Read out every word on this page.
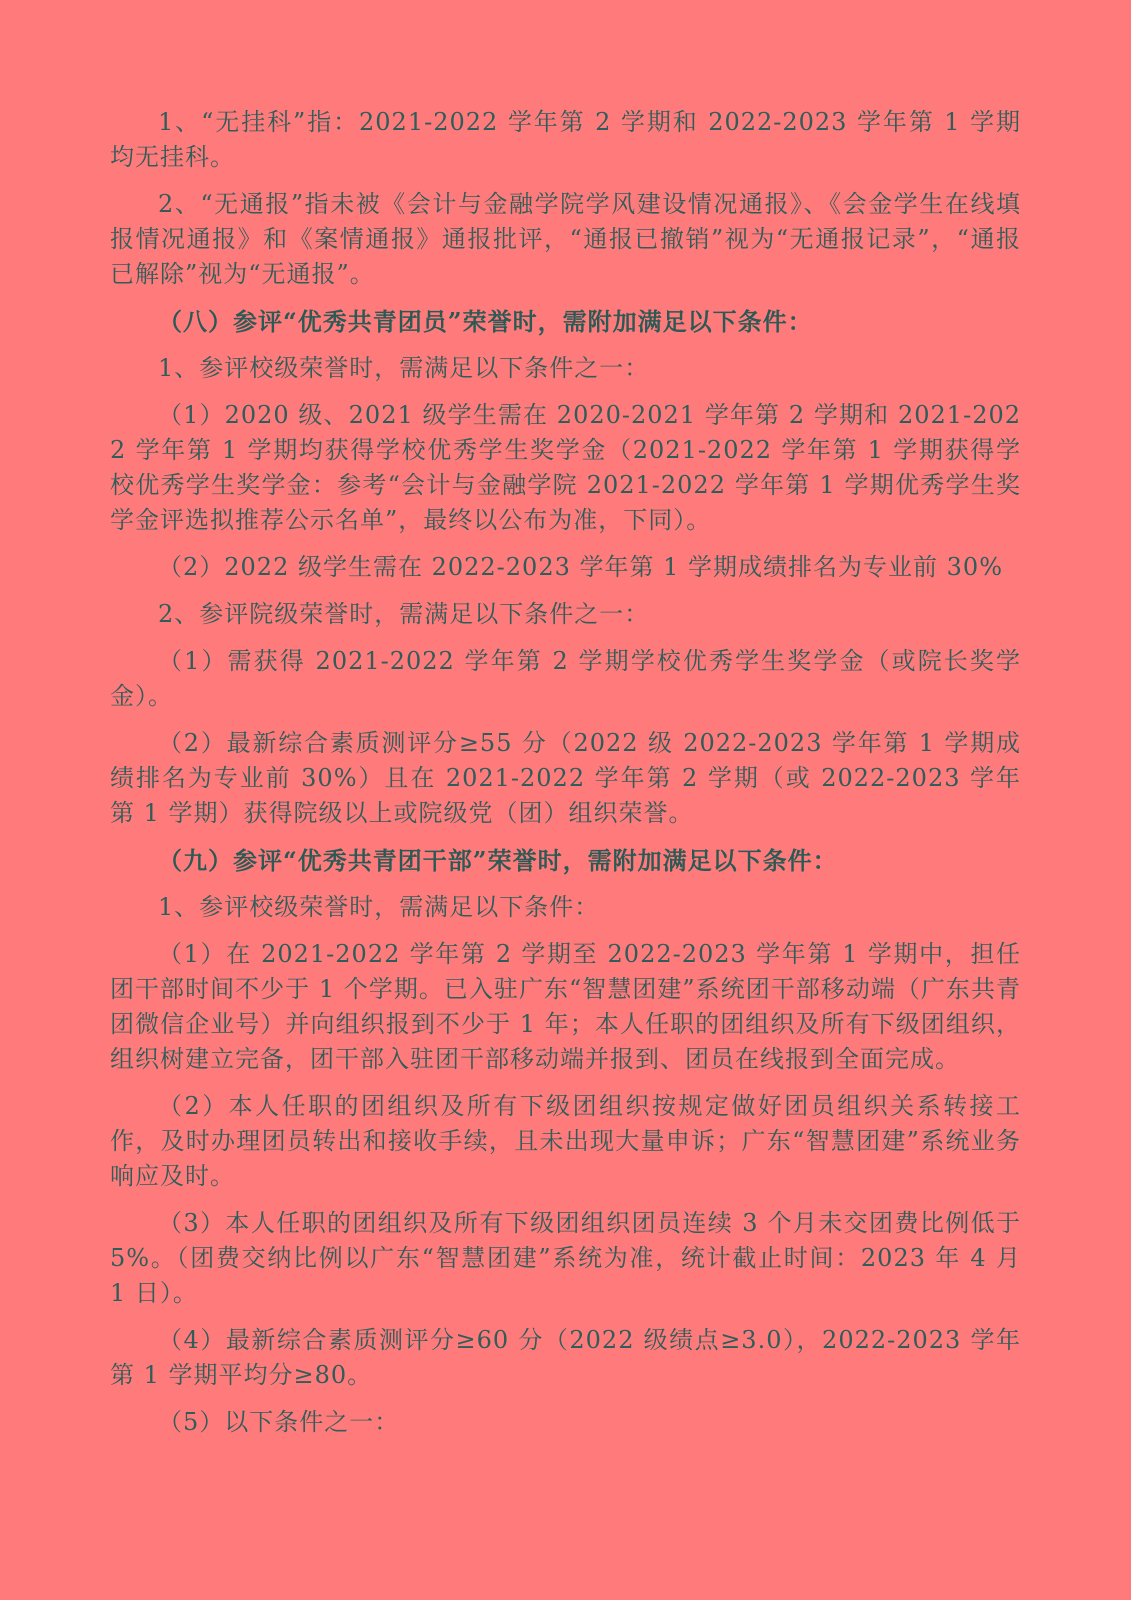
1、“无挂科”指：2021-2022 学年第 2 学期和 2022-2023 学年第 1 学期均无挂科。

2、“无通报”指未被《会计与金融学院学风建设情况通报》、《会金学生在线填报情况通报》和《案情通报》通报批评，“通报已撤销”视为“无通报记录”，“通报已解除”视为“无通报”。

（八）参评“优秀共青团员”荣誉时，需附加满足以下条件：

1、参评校级荣誉时，需满足以下条件之一：

（1）2020 级、2021 级学生需在 2020-2021 学年第 2 学期和 2021-2022 学年第 1 学期均获得学校优秀学生奖学金（2021-2022 学年第 1 学期获得学校优秀学生奖学金：参考“会计与金融学院 2021-2022 学年第 1 学期优秀学生奖学金评选拟推荐公示名单”，最终以公布为准，下同）。

（2）2022 级学生需在 2022-2023 学年第 1 学期成绩排名为专业前 30%

2、参评院级荣誉时，需满足以下条件之一：

（1）需获得 2021-2022 学年第 2 学期学校优秀学生奖学金（或院长奖学金）。

（2）最新综合素质测评分≥55 分（2022 级 2022-2023 学年第 1 学期成绩排名为专业前 30%）且在 2021-2022 学年第 2 学期（或 2022-2023 学年第 1 学期）获得院级以上或院级党（团）组织荣誉。

（九）参评“优秀共青团干部”荣誉时，需附加满足以下条件：

1、参评校级荣誉时，需满足以下条件：

（1）在 2021-2022 学年第 2 学期至 2022-2023 学年第 1 学期中，担任团干部时间不少于 1 个学期。已入驻广东“智慧团建”系统团干部移动端（广东共青团微信企业号）并向组织报到不少于 1 年；本人任职的团组织及所有下级团组织，组织树建立完备，团干部入驻团干部移动端并报到、团员在线报到全面完成。

（2）本人任职的团组织及所有下级团组织按规定做好团员组织关系转接工作，及时办理团员转出和接收手续，且未出现大量申诉；广东“智慧团建”系统业务响应及时。

（3）本人任职的团组织及所有下级团组织团员连续 3 个月未交团费比例低于 5%。（团费交纳比例以广东“智慧团建”系统为准，统计截止时间：2023 年 4 月 1 日）。

（4）最新综合素质测评分≥60 分（2022 级绩点≥3.0），2022-2023 学年第 1 学期平均分≥80。

（5）以下条件之一：
